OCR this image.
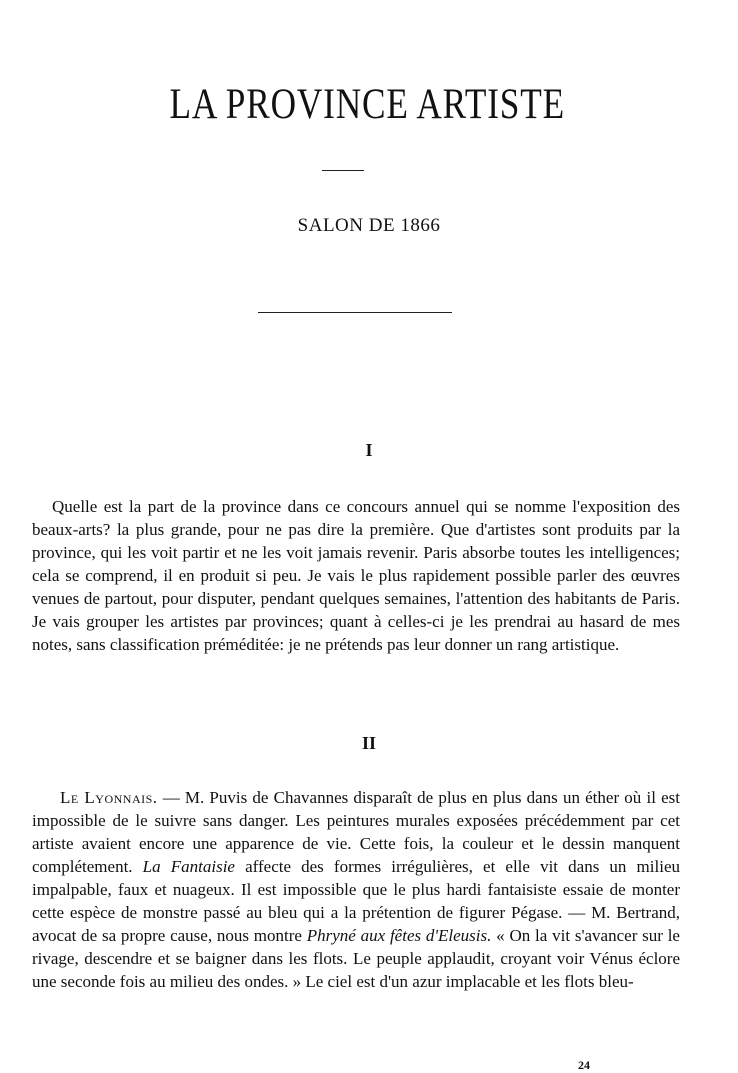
LA PROVINCE ARTISTE
SALON DE 1866
I

Quelle est la part de la province dans ce concours annuel qui se nomme l'exposition des beaux-arts? la plus grande, pour ne pas dire la première. Que d'artistes sont produits par la province, qui les voit partir et ne les voit jamais revenir. Paris absorbe toutes les intelligences; cela se comprend, il en produit si peu. Je vais le plus rapidement possible parler des œuvres venues de partout, pour disputer, pendant quelques semaines, l'attention des habitants de Paris. Je vais grouper les artistes par provinces; quant à celles-ci je les prendrai au hasard de mes notes, sans classification préméditée: je ne prétends pas leur donner un rang artistique.

II

Le Lyonnais. — M. Puvis de Chavannes disparaît de plus en plus dans un éther où il est impossible de le suivre sans danger. Les peintures murales exposées précédemment par cet artiste avaient encore une apparence de vie. Cette fois, la couleur et le dessin manquent complétement. La Fantaisie affecte des formes irrégulières, et elle vit dans un milieu impalpable, faux et nuageux. Il est impossible que le plus hardi fantaisiste essaie de monter cette espèce de monstre passé au bleu qui a la prétention de figurer Pégase. — M. Bertrand, avocat de sa propre cause, nous montre Phryné aux fêtes d'Eleusis. « On la vit s'avancer sur le rivage, descendre et se baigner dans les flots. Le peuple applaudit, croyant voir Vénus éclore une seconde fois au milieu des ondes. » Le ciel est d'un azur implacable et les flots bleu-

24
